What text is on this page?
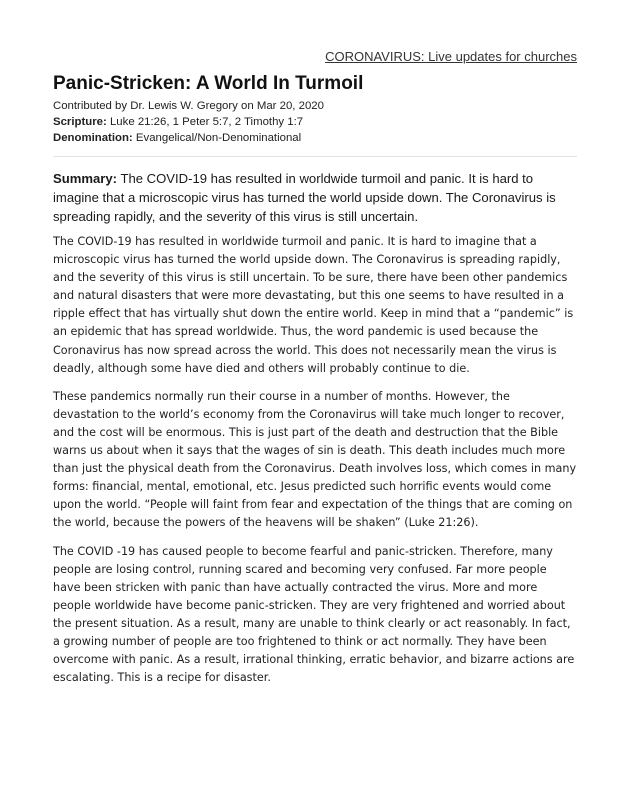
CORONAVIRUS: Live updates for churches
Panic-Stricken: A World In Turmoil
Contributed by Dr. Lewis W. Gregory on Mar 20, 2020
Scripture: Luke 21:26, 1 Peter 5:7, 2 Timothy 1:7
Denomination: Evangelical/Non-Denominational

Summary: The COVID-19 has resulted in worldwide turmoil and panic. It is hard to imagine that a microscopic virus has turned the world upside down. The Coronavirus is spreading rapidly, and the severity of this virus is still uncertain.

The COVID-19 has resulted in worldwide turmoil and panic. It is hard to imagine that a microscopic virus has turned the world upside down. The Coronavirus is spreading rapidly, and the severity of this virus is still uncertain. To be sure, there have been other pandemics and natural disasters that were more devastating, but this one seems to have resulted in a ripple effect that has virtually shut down the entire world. Keep in mind that a “pandemic” is an epidemic that has spread worldwide. Thus, the word pandemic is used because the Coronavirus has now spread across the world. This does not necessarily mean the virus is deadly, although some have died and others will probably continue to die.

These pandemics normally run their course in a number of months. However, the devastation to the world’s economy from the Coronavirus will take much longer to recover, and the cost will be enormous. This is just part of the death and destruction that the Bible warns us about when it says that the wages of sin is death. This death includes much more than just the physical death from the Coronavirus. Death involves loss, which comes in many forms: financial, mental, emotional, etc. Jesus predicted such horrific events would come upon the world. “People will faint from fear and expectation of the things that are coming on the world, because the powers of the heavens will be shaken” (Luke 21:26).

The COVID -19 has caused people to become fearful and panic-stricken. Therefore, many people are losing control, running scared and becoming very confused. Far more people have been stricken with panic than have actually contracted the virus. More and more people worldwide have become panic-stricken. They are very frightened and worried about the present situation. As a result, many are unable to think clearly or act reasonably. In fact, a growing number of people are too frightened to think or act normally. They have been overcome with panic. As a result, irrational thinking, erratic behavior, and bizarre actions are escalating. This is a recipe for disaster.
